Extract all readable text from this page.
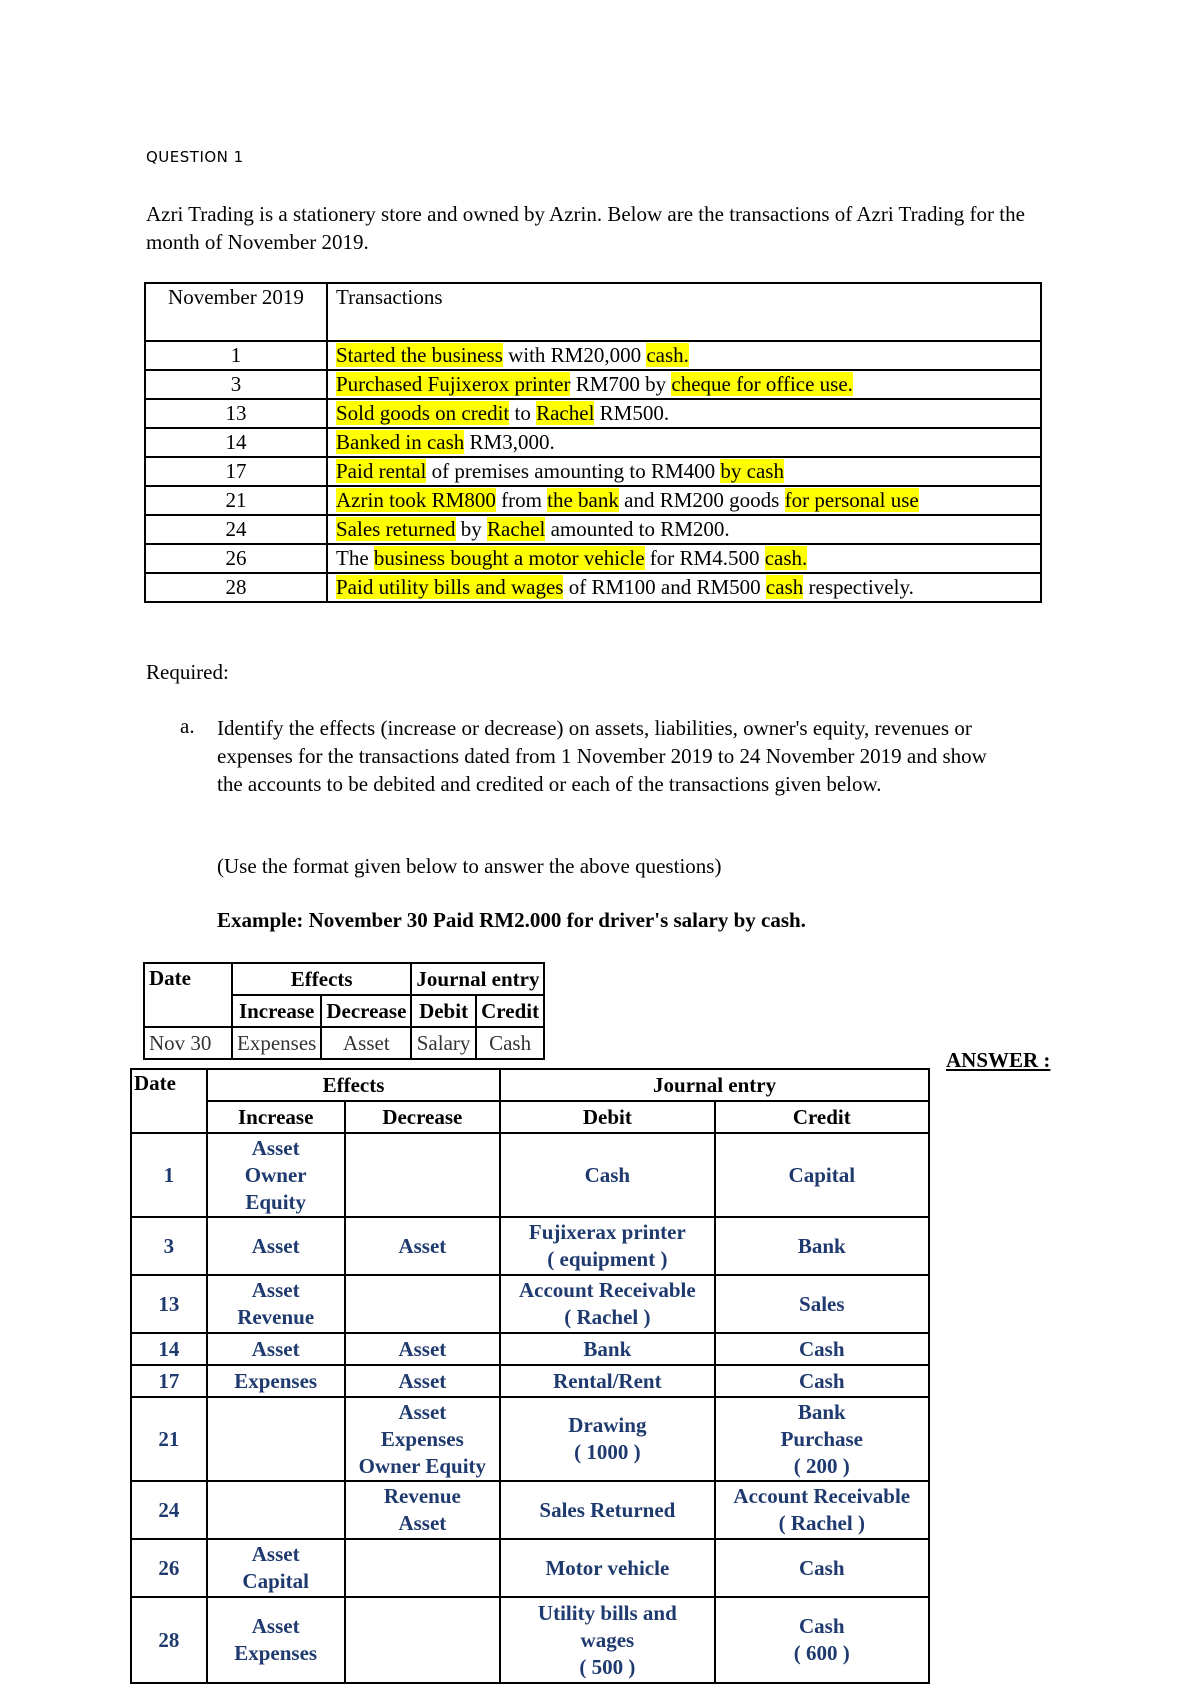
QUESTION 1
Azri Trading is a stationery store and owned by Azrin. Below are the transactions of Azri Trading for the month of November 2019.
November 2019	Transactions
1	Started the business with RM20,000 cash.
3	Purchased Fujixerox printer RM700 by cheque for office use.
13	Sold goods on credit to Rachel RM500.
14	Banked in cash RM3,000.
17	Paid rental of premises amounting to RM400 by cash
21	Azrin took RM800 from the bank and RM200 goods for personal use
24	Sales returned by Rachel amounted to RM200.
26	The business bought a motor vehicle for RM4.500 cash.
28	Paid utility bills and wages of RM100 and RM500 cash respectively.
Required:
a. Identify the effects (increase or decrease) on assets, liabilities, owner's equity, revenues or expenses for the transactions dated from 1 November 2019 to 24 November 2019 and show the accounts to be debited and credited or each of the transactions given below.
(Use the format given below to answer the above questions)
Example: November 30 Paid RM2.000 for driver's salary by cash.
Date	Effects		Journal entry	
	Increase	Decrease	Debit	Credit
Nov 30	Expenses	Asset	Salary	Cash
ANSWER :
Date	Effects		Journal entry	
	Increase	Decrease	Debit	Credit
1	Asset
Owner
Equity		Cash	Capital
3	Asset	Asset	Fujixerax printer
( equipment )	Bank
13	Asset
Revenue		Account Receivable
( Rachel )	Sales
14	Asset	Asset	Bank	Cash
17	Expenses	Asset	Rental/Rent	Cash
21		Asset
Expenses
Owner Equity	Drawing
( 1000 )	Bank
Purchase
( 200 )
24		Revenue
Asset	Sales Returned	Account Receivable
( Rachel )
26	Asset
Capital		Motor vehicle	Cash
28	Asset
Expenses		Utility bills and
wages
( 500 )	Cash
( 600 )
